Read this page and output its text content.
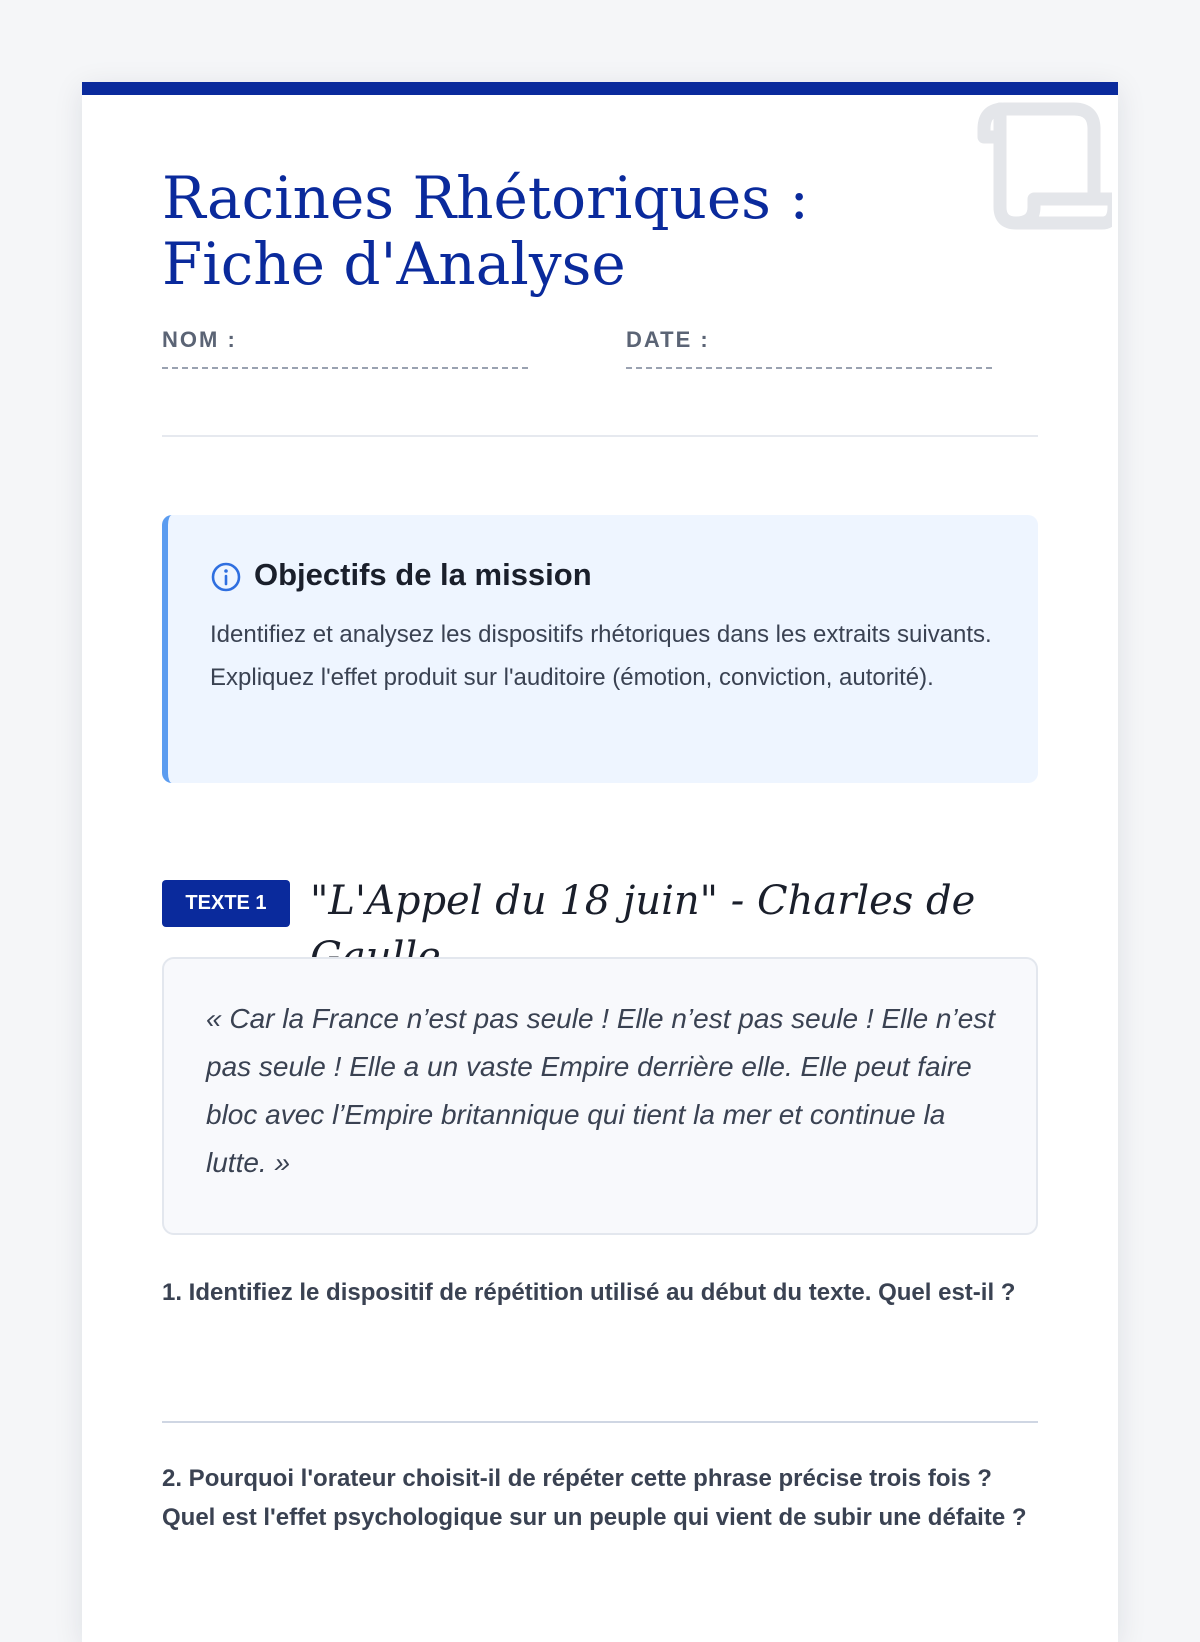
Racines Rhétoriques : Fiche d'Analyse
NOM :	DATE :
Objectifs de la mission

Identifiez et analysez les dispositifs rhétoriques dans les extraits suivants. Expliquez l'effet produit sur l'auditoire (émotion, conviction, autorité).

TEXTE 1	"L'Appel du 18 juin" - Charles de

« Car la France n’est pas seule ! Elle n’est pas seule ! Elle n’est pas seule ! Elle a un vaste Empire derrière elle. Elle peut faire bloc avec l’Empire britannique qui tient la mer et continue la lutte. »

1. Identifiez le dispositif de répétition utilisé au début du texte. Quel est-il ?

2. Pourquoi l'orateur choisit-il de répéter cette phrase précise trois fois ? Quel est l'effet psychologique sur un peuple qui vient de subir une défaite ?
